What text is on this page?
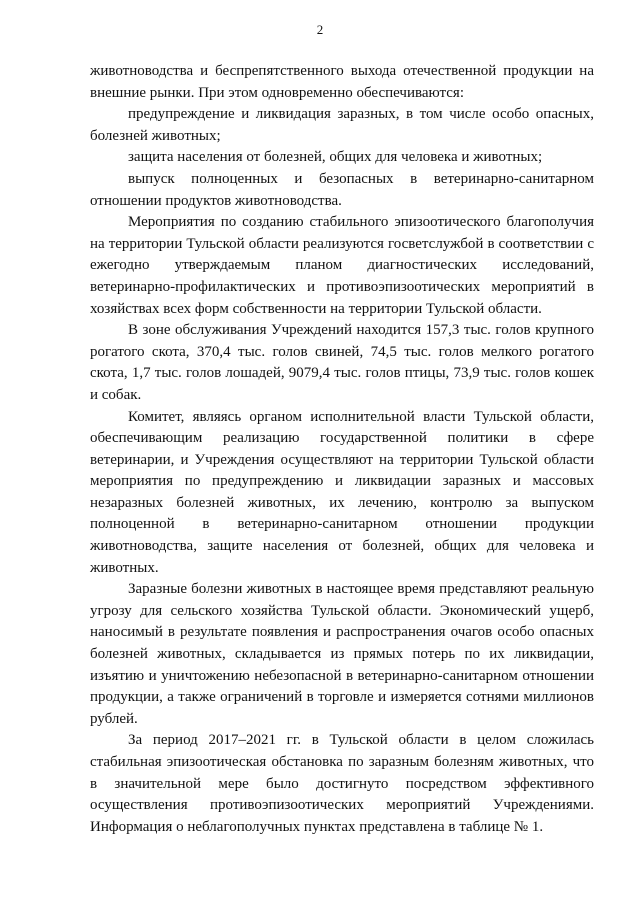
2

животноводства и беспрепятственного выхода отечественной продукции на внешние рынки. При этом одновременно обеспечиваются:

предупреждение и ликвидация заразных, в том числе особо опасных, болезней животных;

защита населения от болезней, общих для человека и животных;

выпуск полноценных и безопасных в ветеринарно-санитарном отношении продуктов животноводства.

Мероприятия по созданию стабильного эпизоотического благополучия на территории Тульской области реализуются госветслужбой в соответствии с ежегодно утверждаемым планом диагностических исследований, ветеринарно-профилактических и противоэпизоотических мероприятий в хозяйствах всех форм собственности на территории Тульской области.

В зоне обслуживания Учреждений находится 157,3 тыс. голов крупного рогатого скота, 370,4 тыс. голов свиней, 74,5 тыс. голов мелкого рогатого скота, 1,7 тыс. голов лошадей, 9079,4 тыс. голов птицы, 73,9 тыс. голов кошек и собак.

Комитет, являясь органом исполнительной власти Тульской области, обеспечивающим реализацию государственной политики в сфере ветеринарии, и Учреждения осуществляют на территории Тульской области мероприятия по предупреждению и ликвидации заразных и массовых незаразных болезней животных, их лечению, контролю за выпуском полноценной в ветеринарно-санитарном отношении продукции животноводства, защите населения от болезней, общих для человека и животных.

Заразные болезни животных в настоящее время представляют реальную угрозу для сельского хозяйства Тульской области. Экономический ущерб, наносимый в результате появления и распространения очагов особо опасных болезней животных, складывается из прямых потерь по их ликвидации, изъятию и уничтожению небезопасной в ветеринарно-санитарном отношении продукции, а также ограничений в торговле и измеряется сотнями миллионов рублей.

За период 2017–2021 гг. в Тульской области в целом сложилась стабильная эпизоотическая обстановка по заразным болезням животных, что в значительной мере было достигнуто посредством эффективного осуществления противоэпизоотических мероприятий Учреждениями. Информация о неблагополучных пунктах представлена в таблице № 1.
